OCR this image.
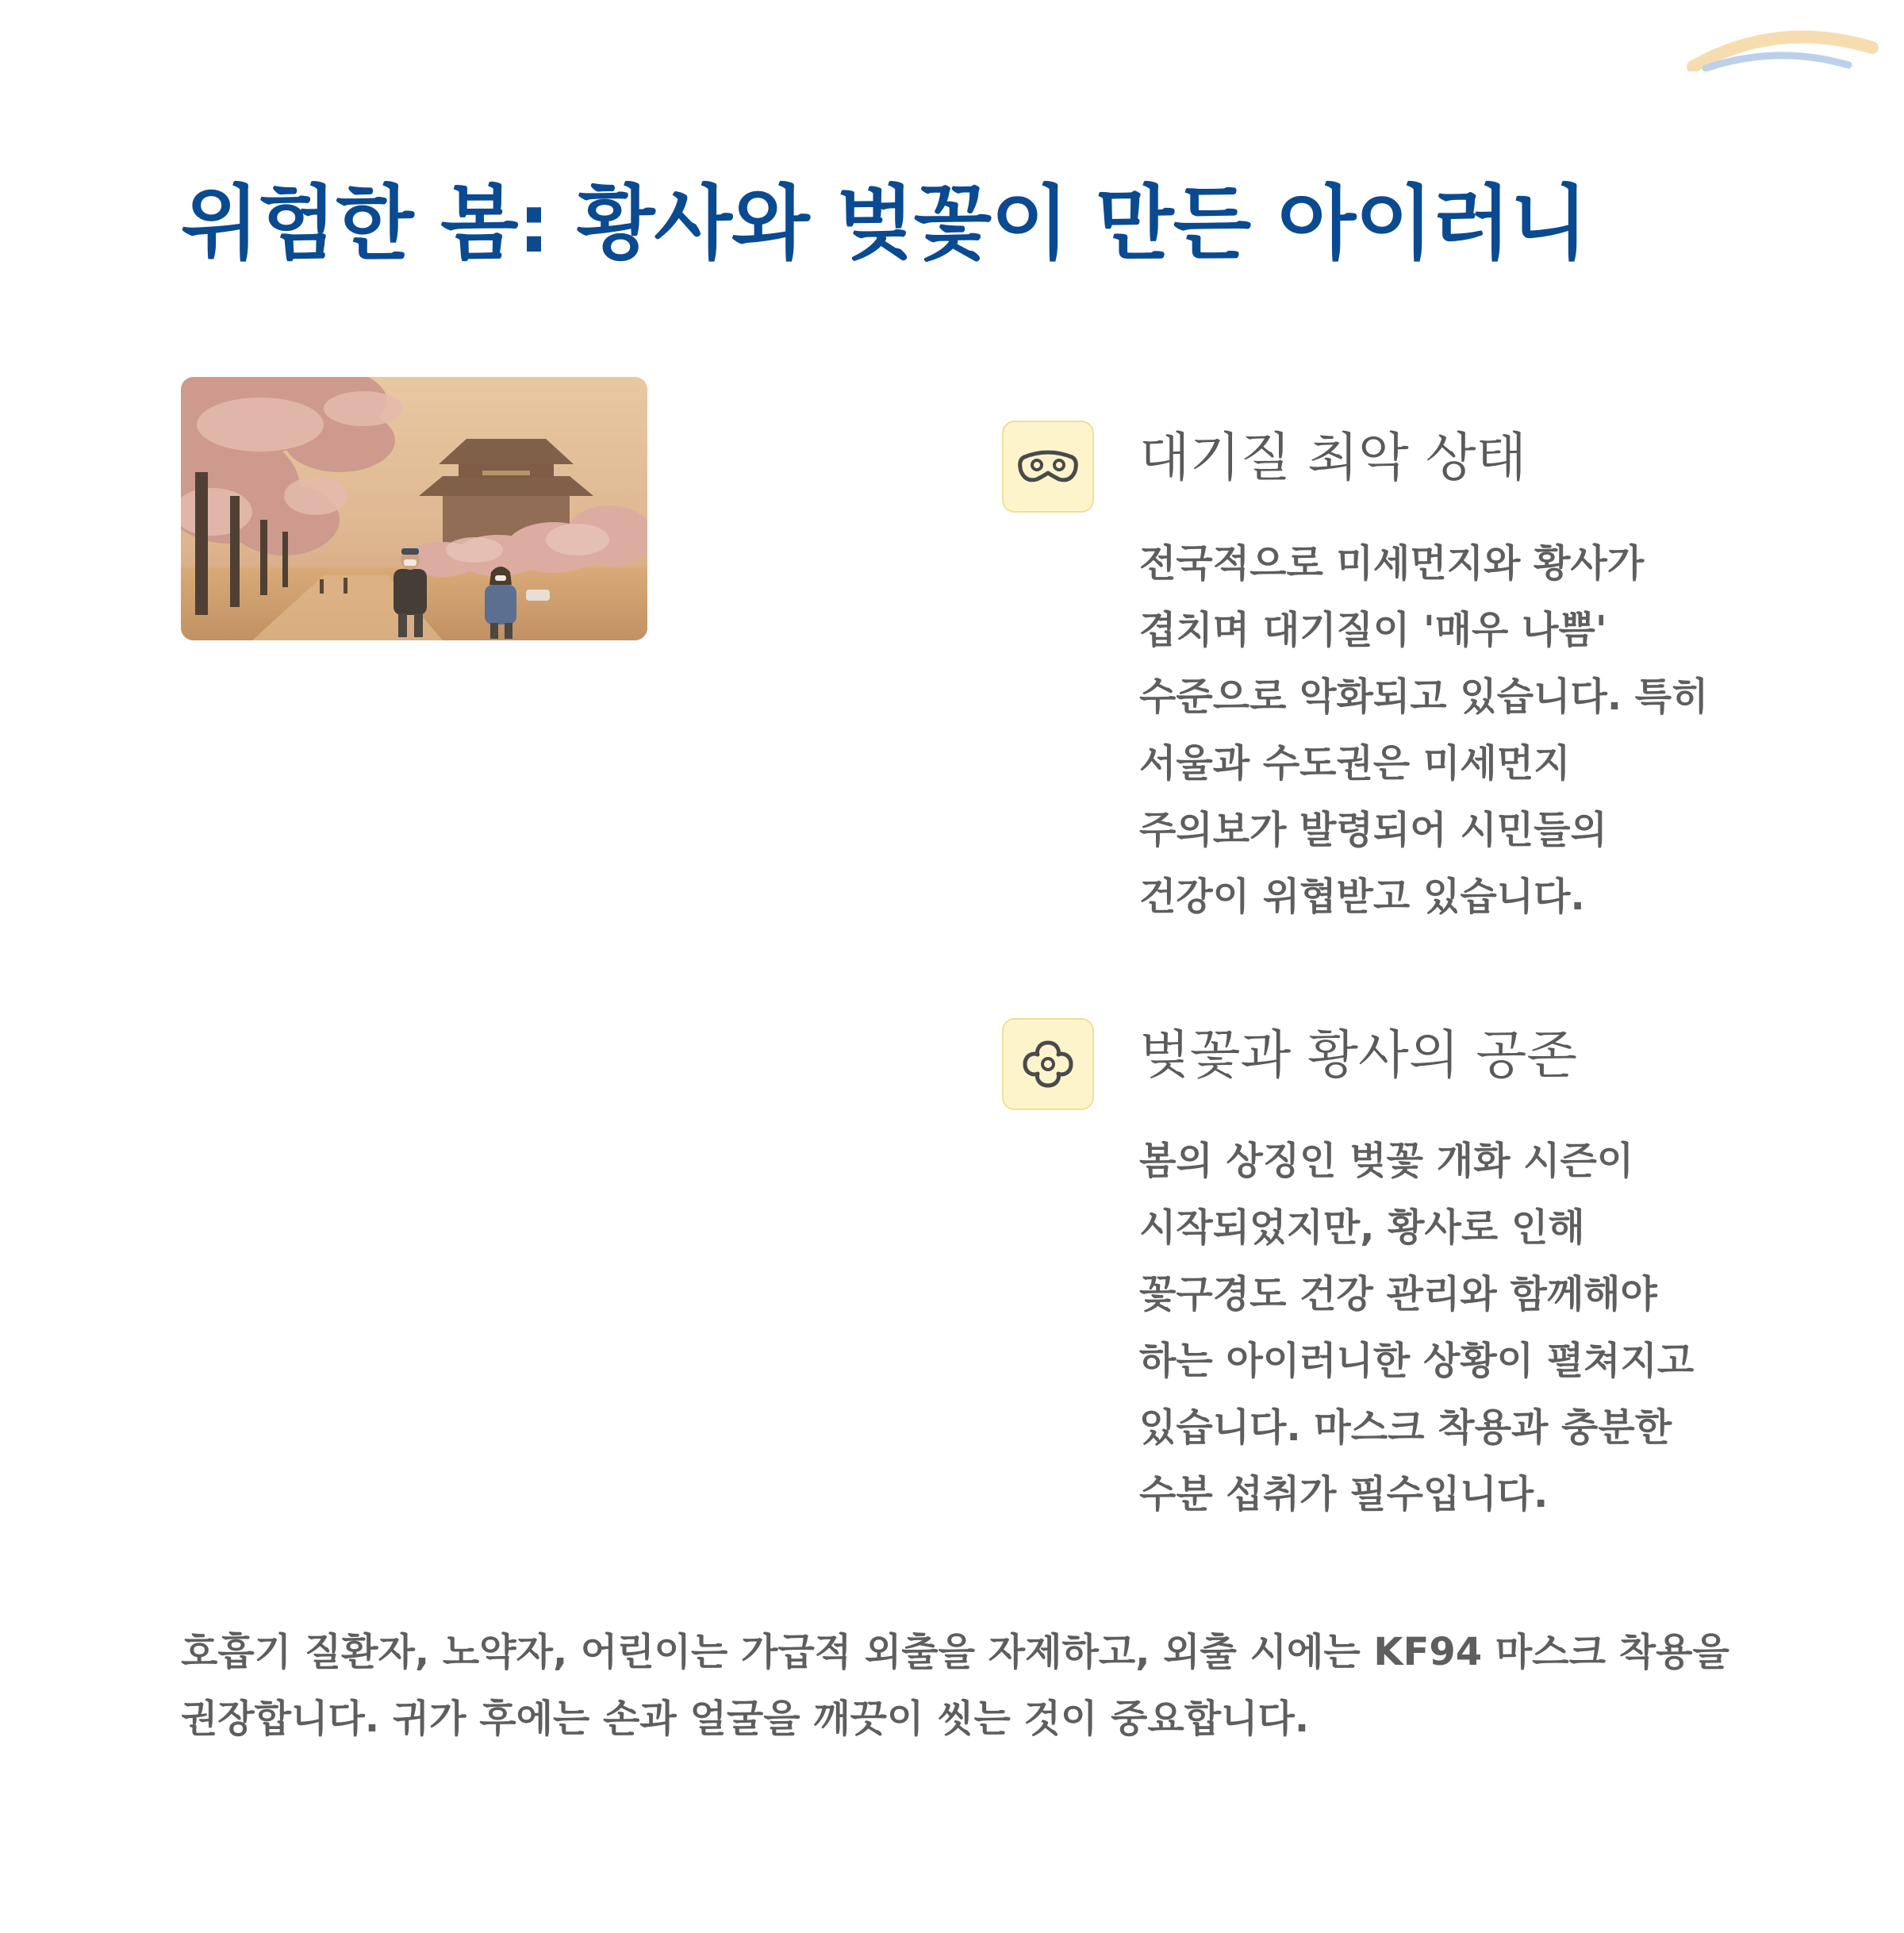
위험한 봄: 황사와 벚꽃이 만든 아이러니
대기질 최악 상태

전국적으로 미세먼지와 황사가 겹치며 대기질이 '매우 나쁨' 수준으로 악화되고 있습니다. 특히 서울과 수도권은 미세먼지 주의보가 발령되어 시민들의 건강이 위협받고 있습니다.

벚꽃과 황사의 공존

봄의 상징인 벚꽃 개화 시즌이 시작되었지만, 황사로 인해 꽃구경도 건강 관리와 함께해야 하는 아이러니한 상황이 펼쳐지고 있습니다. 마스크 착용과 충분한 수분 섭취가 필수입니다.

호흡기 질환자, 노약자, 어린이는 가급적 외출을 자제하고, 외출 시에는 KF94 마스크 착용을 권장합니다. 귀가 후에는 손과 얼굴을 깨끗이 씻는 것이 중요합니다.
